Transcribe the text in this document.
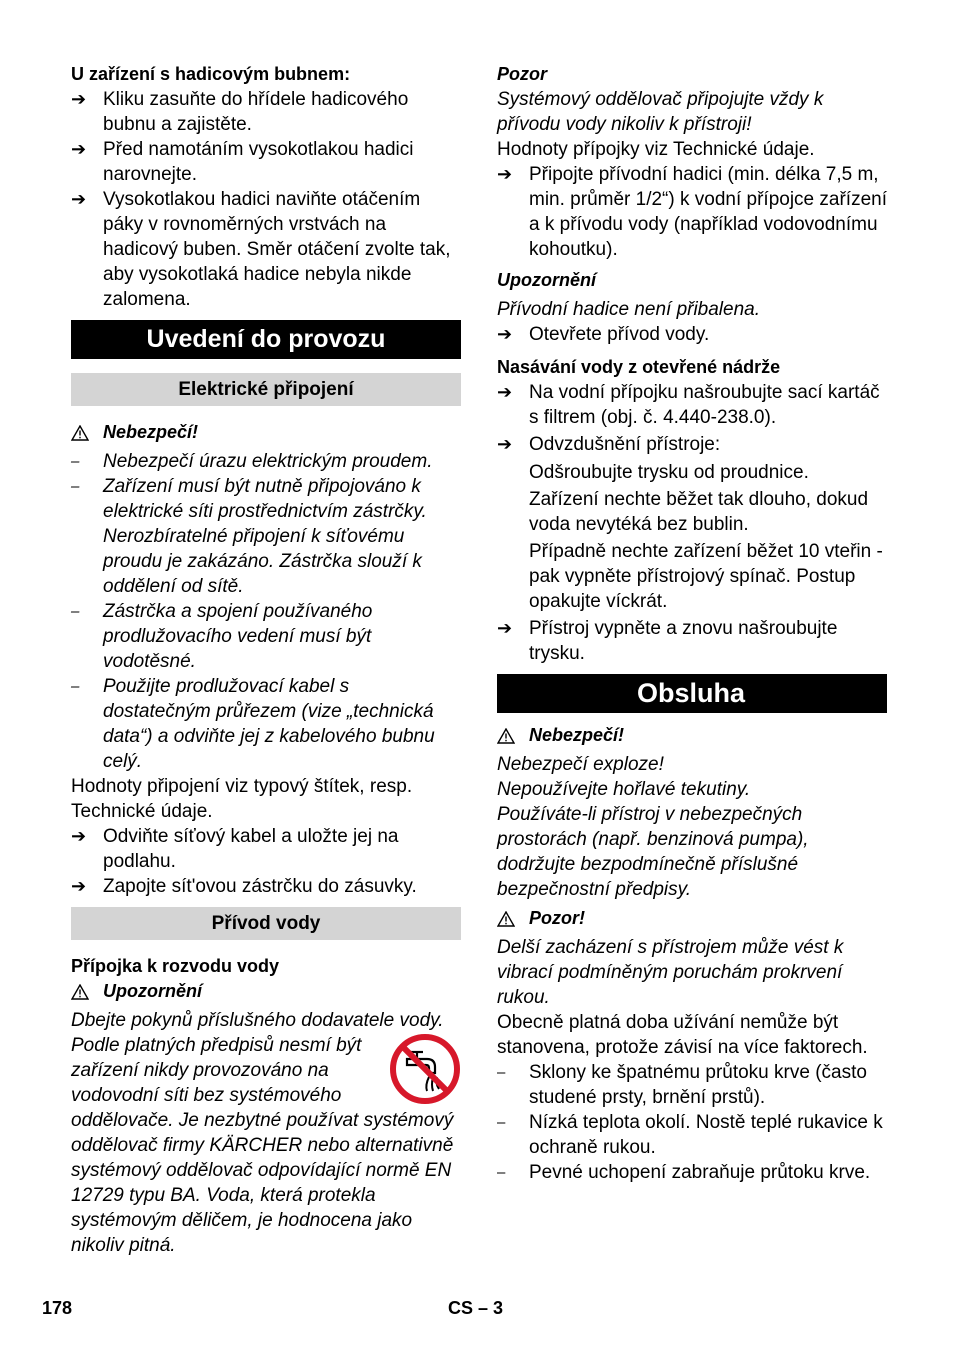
U zařízení s hadicovým bubnem:

➔ Kliku zasuňte do hřídele hadicového bubnu a zajistěte.
➔ Před namotáním vysokotlakou hadici narovnejte.
➔ Vysokotlakou hadici naviňte otáčením páky v rovnoměrných vrstvách na hadicový buben. Směr otáčení zvolte tak, aby vysokotlaká hadice nebyla nikde zalomena.
Uvedení do provozu
Elektrické připojení
Nebezpečí!
–	Nebezpečí úrazu elektrickým proudem.
–	Zařízení musí být nutně připojováno k elektrické síti prostřednictvím zástrčky. Nerozbíratelné připojení k síťovému proudu je zakázáno. Zástrčka slouží k oddělení od sítě.
–	Zástrčka a spojení používaného prodlužovacího vedení musí být vodotěsné.
–	Použijte prodlužovací kabel s dostatečným průřezem (vize „technická data“) a odviňte jej z kabelového bubnu celý.

Hodnoty připojení viz typový štítek, resp. Technické údaje.

➔ Odviňte síťový kabel a uložte jej na podlahu.
➔ Zapojte sít'ovou zástrčku do zásuvky.
Přívod vody

Přípojka k rozvodu vody

Upozornění

Dbejte pokynů příslušného dodavatele vody.

Podle platných předpisů nesmí být zařízení nikdy provozováno na vodovodní síti bez systémového oddělovače. Je nezbytné používat systémový oddělovač firmy KÄRCHER nebo alternativně systémový oddělovač odpovídající normě EN 12729 typu BA. Voda, která protekla systémovým děličem, je hodnocena jako nikoliv pitná.

Pozor

Systémový oddělovač připojujte vždy k přívodu vody nikoliv k přístroji!

Hodnoty přípojky viz Technické údaje.

➔ Připojte přívodní hadici (min. délka 7,5 m, min. průměr 1/2“) k vodní přípojce zařízení a k přívodu vody (například vodovodnímu kohoutku).

Upozornění

Přívodní hadice není přibalena.

➔ Otevřete přívod vody.

Nasávání vody z otevřené nádrže

➔ Na vodní přípojku našroubujte sací kartáč s filtrem (obj. č. 4.440-238.0).
➔ Odvzdušnění přístroje:

Odšroubujte trysku od proudnice.

Zařízení nechte běžet tak dlouho, dokud voda nevytéká bez bublin.

Případně nechte zařízení běžet 10 vteřin - pak vypněte přístrojový spínač. Postup opakujte víckrát.

➔ Přístroj vypněte a znovu našroubujte trysku.
Obsluha
Nebezpečí!

Nebezpečí exploze!

Nepoužívejte hořlavé tekutiny.

Používáte-li přístroj v nebezpečných prostorách (např. benzinová pumpa), dodržujte bezpodmínečně příslušné bezpečnostní předpisy.

Pozor!

Delší zacházení s přístrojem může vést k vibrací podmíněným poruchám prokrvení rukou.

Obecně platná doba užívání nemůže být stanovena, protože závisí na více faktorech.

–	Sklony ke špatnému průtoku krve (často studené prsty, brnění prstů).
–	Nízká teplota okolí. Nostě teplé rukavice k ochraně rukou.
–	Pevné uchopení zabraňuje průtoku krve.
178	CS – 3
